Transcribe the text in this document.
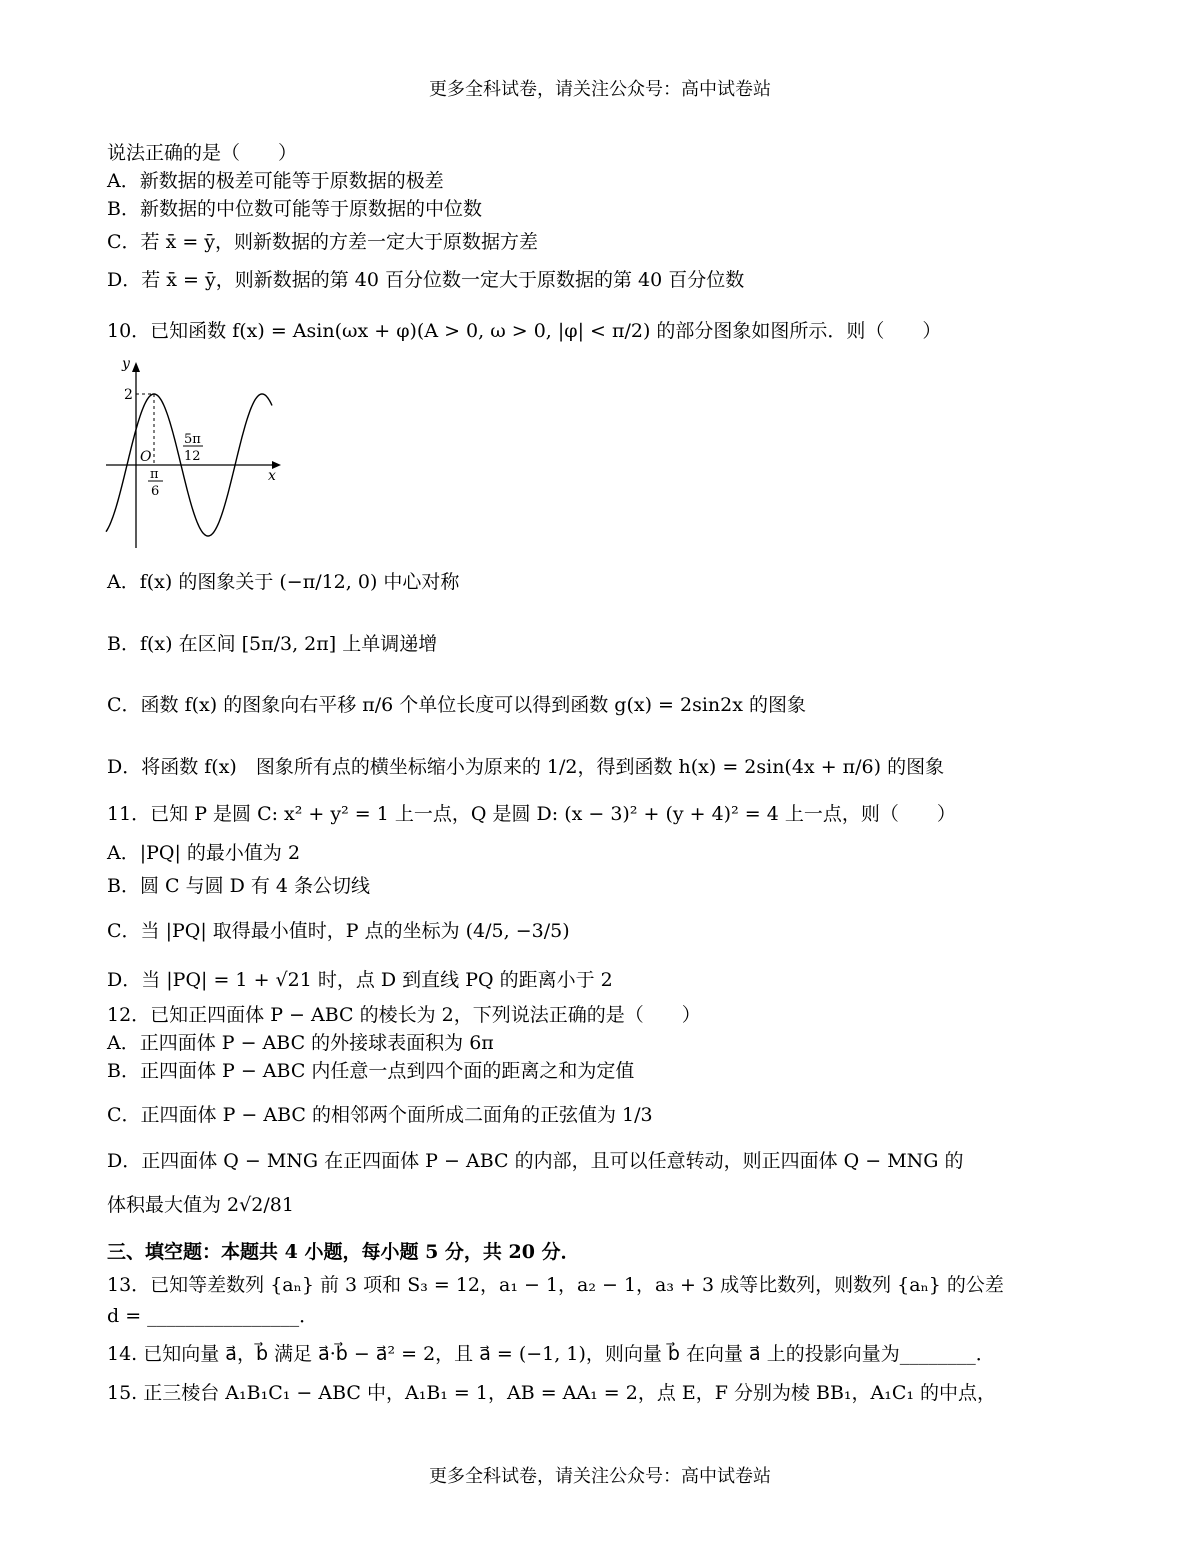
更多全科试卷，请关注公众号：高中试卷站
说法正确的是（　　）
A．新数据的极差可能等于原数据的极差
B．新数据的中位数可能等于原数据的中位数
C．若 x̄ = ȳ，则新数据的方差一定大于原数据方差
D．若 x̄ = ȳ，则新数据的第 40 百分位数一定大于原数据的第 40 百分位数
10．已知函数 f(x) = Asin(ωx + φ)(A > 0, ω > 0, |φ| < π/2) 的部分图象如图所示．则（　　）
y
x
O
2
π
6
5π
12
A．f(x) 的图象关于 (−π/12, 0) 中心对称
B．f(x) 在区间 [5π/3, 2π] 上单调递增
C．函数 f(x) 的图象向右平移 π/6 个单位长度可以得到函数 g(x) = 2sin2x 的图象
D．将函数 f(x)　图象所有点的横坐标缩小为原来的 1/2，得到函数 h(x) = 2sin(4x + π/6) 的图象
11．已知 P 是圆 C: x² + y² = 1 上一点，Q 是圆 D: (x − 3)² + (y + 4)² = 4 上一点，则（　　）
A．|PQ| 的最小值为 2
B．圆 C 与圆 D 有 4 条公切线
C．当 |PQ| 取得最小值时，P 点的坐标为 (4/5, −3/5)
D．当 |PQ| = 1 + √21 时，点 D 到直线 PQ 的距离小于 2
12．已知正四面体 P − ABC 的棱长为 2，下列说法正确的是（　　）
A．正四面体 P − ABC 的外接球表面积为 6π
B．正四面体 P − ABC 内任意一点到四个面的距离之和为定值
C．正四面体 P − ABC 的相邻两个面所成二面角的正弦值为 1/3
D．正四面体 Q − MNG 在正四面体 P − ABC 的内部，且可以任意转动，则正四面体 Q − MNG 的
体积最大值为 2√2/81
三、填空题：本题共 4 小题，每小题 5 分，共 20 分．
13．已知等差数列 {aₙ} 前 3 项和 S₃ = 12，a₁ − 1，a₂ − 1，a₃ + 3 成等比数列，则数列 {aₙ} 的公差
d = ________________．
14. 已知向量 a⃗，b⃗ 满足 a⃗·b⃗ − a⃗² = 2，且 a⃗ = (−1, 1)，则向量 b⃗ 在向量 a⃗ 上的投影向量为________．
15. 正三棱台 A₁B₁C₁ − ABC 中，A₁B₁ = 1，AB = AA₁ = 2，点 E，F 分别为棱 BB₁，A₁C₁ 的中点，
更多全科试卷，请关注公众号：高中试卷站
